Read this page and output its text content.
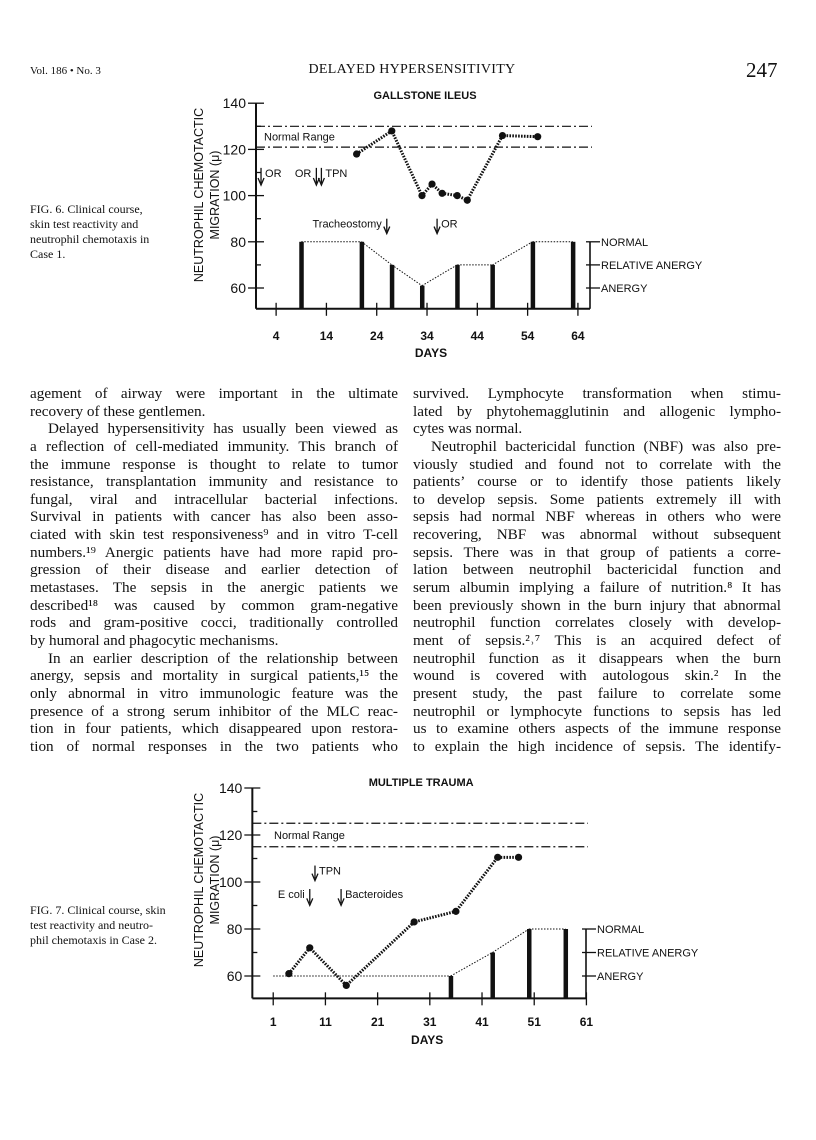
Vol. 186 • No. 3	DELAYED HYPERSENSITIVITY	247
FIG. 6. Clinical course,
skin test reactivity and
neutrophil chemotaxis in
Case 1.
FIG. 7. Clinical course, skin
test reactivity and neutro-
phil chemotaxis in Case 2.
agement of airway were important in the ultimate
recovery of these gentlemen.
Delayed hypersensitivity has usually been viewed as
a reflection of cell-mediated immunity. This branch of
the immune response is thought to relate to tumor
resistance, transplantation immunity and resistance to
fungal, viral and intracellular bacterial infections.
Survival in patients with cancer has also been asso-
ciated with skin test responsiveness⁹ and in vitro T-cell
numbers.¹⁹ Anergic patients have had more rapid pro-
gression of their disease and earlier detection of
metastases. The sepsis in the anergic patients we
described¹⁸ was caused by common gram-negative
rods and gram-positive cocci, traditionally controlled
by humoral and phagocytic mechanisms.
In an earlier description of the relationship between
anergy, sepsis and mortality in surgical patients,¹⁵ the
only abnormal in vitro immunologic feature was the
presence of a strong serum inhibitor of the MLC reac-
tion in four patients, which disappeared upon restora-
tion of normal responses in the two patients who
survived. Lymphocyte transformation when stimu-
lated by phytohemagglutinin and allogenic lympho-
cytes was normal.
Neutrophil bactericidal function (NBF) was also pre-
viously studied and found not to correlate with the
patients’ course or to identify those patients likely
to develop sepsis. Some patients extremely ill with
sepsis had normal NBF whereas in others who were
recovering, NBF was abnormal without subsequent
sepsis. There was in that group of patients a corre-
lation between neutrophil bactericidal function and
serum albumin implying a failure of nutrition.⁸ It has
been previously shown in the burn injury that abnormal
neutrophil function correlates closely with develop-
ment of sepsis.²˒⁷ This is an acquired defect of
neutrophil function as it disappears when the burn
wound is covered with autologous skin.² In the
present study, the past failure to correlate some
neutrophil or lymphocyte functions to sepsis has led
us to examine others aspects of the immune response
to explain the high incidence of sepsis. The identify-
GALLSTONE ILEUS
60
80
100
120
140
4	14	24	34	44	54	64
DAYS
NEUTROPHIL CHEMOTACTIC MIGRATION (μ)
Normal Range
NORMAL
RELATIVE ANERGY
ANERGY
OR OR TPN
Tracheostomy	OR
MULTIPLE TRAUMA
60
80
100
120
140
1	11	21	31	41	51	61
DAYS
NEUTROPHIL CHEMOTACTIC MIGRATION (μ)	Normal Range
NORMAL
RELATIVE ANERGY
ANERGY
TPN
E coli	Bacteroides
